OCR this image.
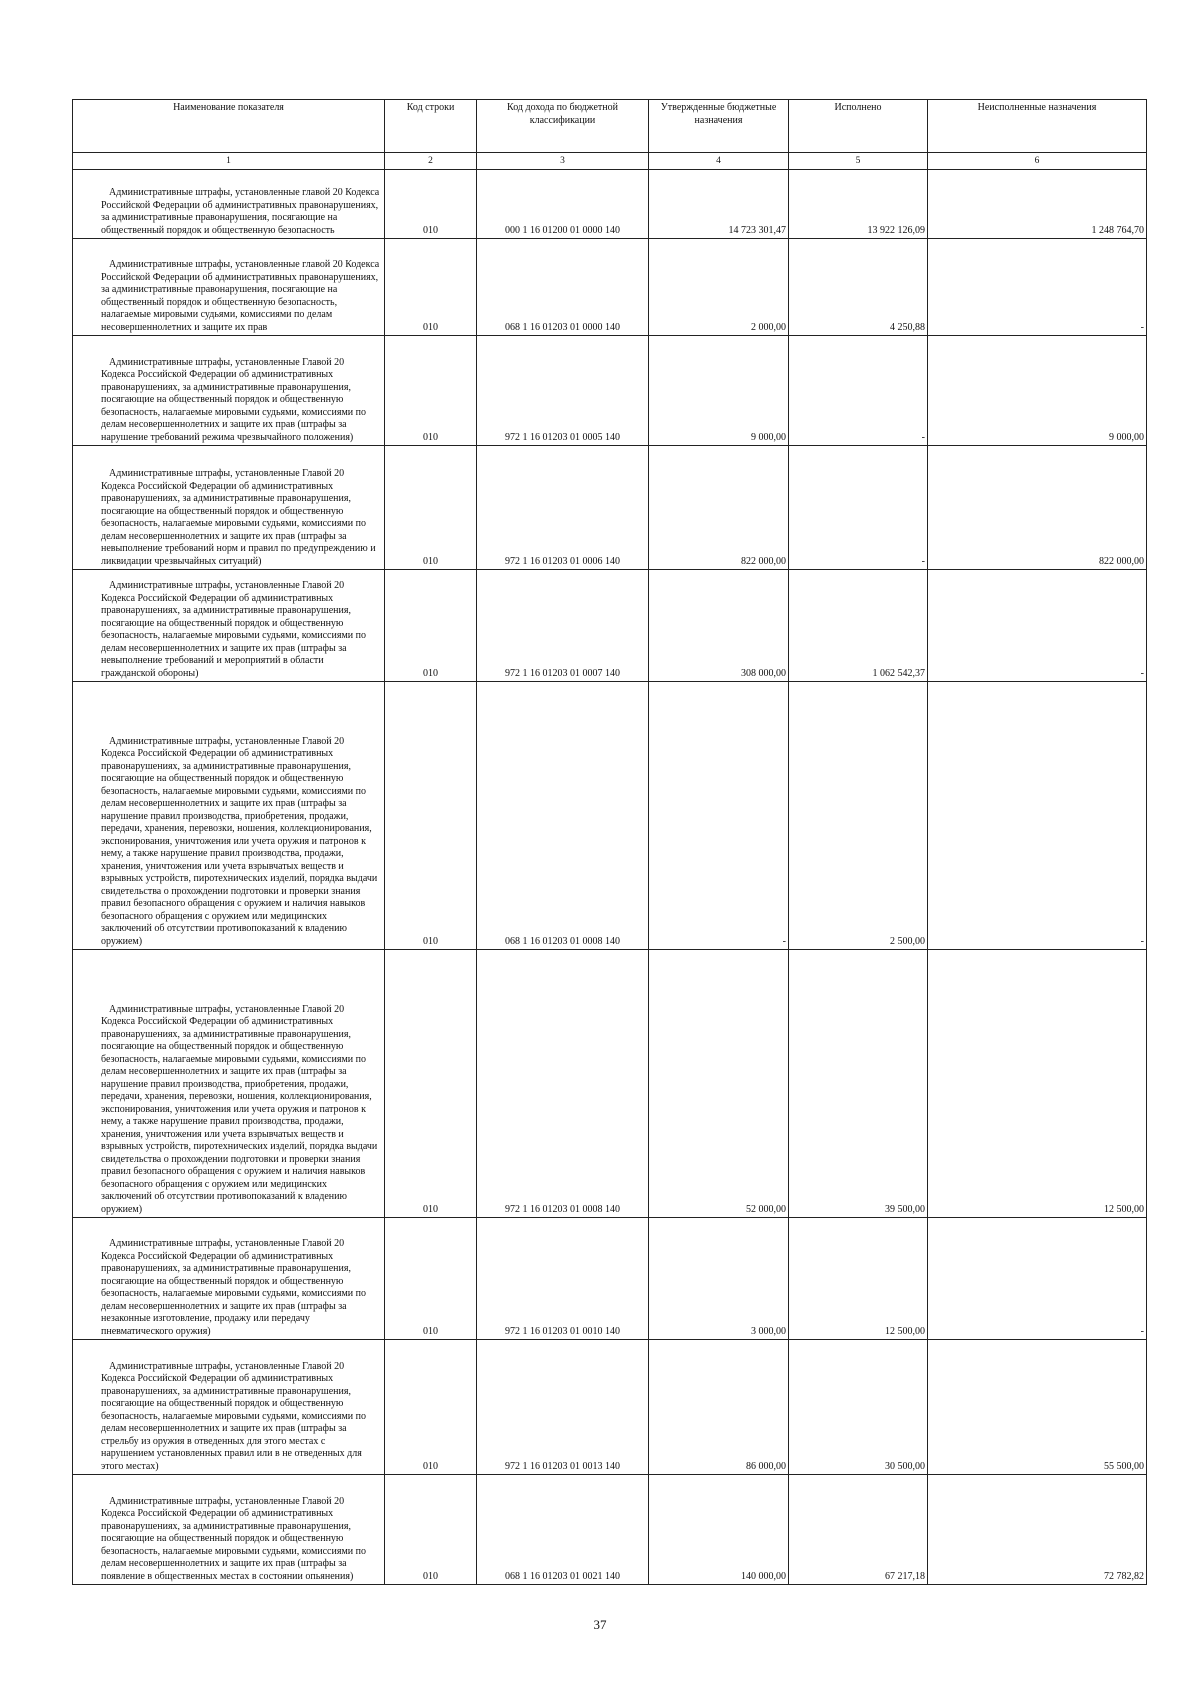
Наименование показателя	Код строки	Код дохода по бюджетной классификации	Утвержденные бюджетные назначения	Исполнено	Неисполненные назначения
1	2	3	4	5	6
Административные штрафы, установленные главой 20 Кодекса Российской Федерации об административных правонарушениях, за административные правонарушения, посягающие на общественный порядок и общественную безопасность	010	000 1 16 01200 01 0000 140	14 723 301,47	13 922 126,09	1 248 764,70
Административные штрафы, установленные главой 20 Кодекса Российской Федерации об административных правонарушениях, за административные правонарушения, посягающие на общественный порядок и общественную безопасность, налагаемые мировыми судьями, комиссиями по делам несовершеннолетних и защите их прав	010	068 1 16 01203 01 0000 140	2 000,00	4 250,88	-
Административные штрафы, установленные Главой 20 Кодекса Российской Федерации об административных правонарушениях, за административные правонарушения, посягающие на общественный порядок и общественную безопасность, налагаемые мировыми судьями, комиссиями по делам несовершеннолетних и защите их прав (штрафы за нарушение требований режима чрезвычайного положения)	010	972 1 16 01203 01 0005 140	9 000,00	-	9 000,00
Административные штрафы, установленные Главой 20 Кодекса Российской Федерации об административных правонарушениях, за административные правонарушения, посягающие на общественный порядок и общественную безопасность, налагаемые мировыми судьями, комиссиями по делам несовершеннолетних и защите их прав (штрафы за невыполнение требований норм и правил по предупреждению и ликвидации чрезвычайных ситуаций)	010	972 1 16 01203 01 0006 140	822 000,00	-	822 000,00
Административные штрафы, установленные Главой 20 Кодекса Российской Федерации об административных правонарушениях, за административные правонарушения, посягающие на общественный порядок и общественную безопасность, налагаемые мировыми судьями, комиссиями по делам несовершеннолетних и защите их прав (штрафы за невыполнение требований и мероприятий в области гражданской обороны)	010	972 1 16 01203 01 0007 140	308 000,00	1 062 542,37	-
Административные штрафы, установленные Главой 20 Кодекса Российской Федерации об административных правонарушениях, за административные правонарушения, посягающие на общественный порядок и общественную безопасность, налагаемые мировыми судьями, комиссиями по делам несовершеннолетних и защите их прав (штрафы за нарушение правил производства, приобретения, продажи, передачи, хранения, перевозки, ношения, коллекционирования, экспонирования, уничтожения или учета оружия и патронов к нему, а также нарушение правил производства, продажи, хранения, уничтожения или учета взрывчатых веществ и взрывных устройств, пиротехнических изделий, порядка выдачи свидетельства о прохождении подготовки и проверки знания правил безопасного обращения с оружием и наличия навыков безопасного обращения с оружием или медицинских заключений об отсутствии противопоказаний к владению оружием)	010	068 1 16 01203 01 0008 140	-	2 500,00	-
Административные штрафы, установленные Главой 20 Кодекса Российской Федерации об административных правонарушениях, за административные правонарушения, посягающие на общественный порядок и общественную безопасность, налагаемые мировыми судьями, комиссиями по делам несовершеннолетних и защите их прав (штрафы за нарушение правил производства, приобретения, продажи, передачи, хранения, перевозки, ношения, коллекционирования, экспонирования, уничтожения или учета оружия и патронов к нему, а также нарушение правил производства, продажи, хранения, уничтожения или учета взрывчатых веществ и взрывных устройств, пиротехнических изделий, порядка выдачи свидетельства о прохождении подготовки и проверки знания правил безопасного обращения с оружием и наличия навыков безопасного обращения с оружием или медицинских заключений об отсутствии противопоказаний к владению оружием)	010	972 1 16 01203 01 0008 140	52 000,00	39 500,00	12 500,00
Административные штрафы, установленные Главой 20 Кодекса Российской Федерации об административных правонарушениях, за административные правонарушения, посягающие на общественный порядок и общественную безопасность, налагаемые мировыми судьями, комиссиями по делам несовершеннолетних и защите их прав (штрафы за незаконные изготовление, продажу или передачу пневматического оружия)	010	972 1 16 01203 01 0010 140	3 000,00	12 500,00	-
Административные штрафы, установленные Главой 20 Кодекса Российской Федерации об административных правонарушениях, за административные правонарушения, посягающие на общественный порядок и общественную безопасность, налагаемые мировыми судьями, комиссиями по делам несовершеннолетних и защите их прав (штрафы за стрельбу из оружия в отведенных для этого местах с нарушением установленных правил или в не отведенных для этого местах)	010	972 1 16 01203 01 0013 140	86 000,00	30 500,00	55 500,00
Административные штрафы, установленные Главой 20 Кодекса Российской Федерации об административных правонарушениях, за административные правонарушения, посягающие на общественный порядок и общественную безопасность, налагаемые мировыми судьями, комиссиями по делам несовершеннолетних и защите их прав (штрафы за появление в общественных местах в состоянии опьянения)	010	068 1 16 01203 01 0021 140	140 000,00	67 217,18	72 782,82
37
